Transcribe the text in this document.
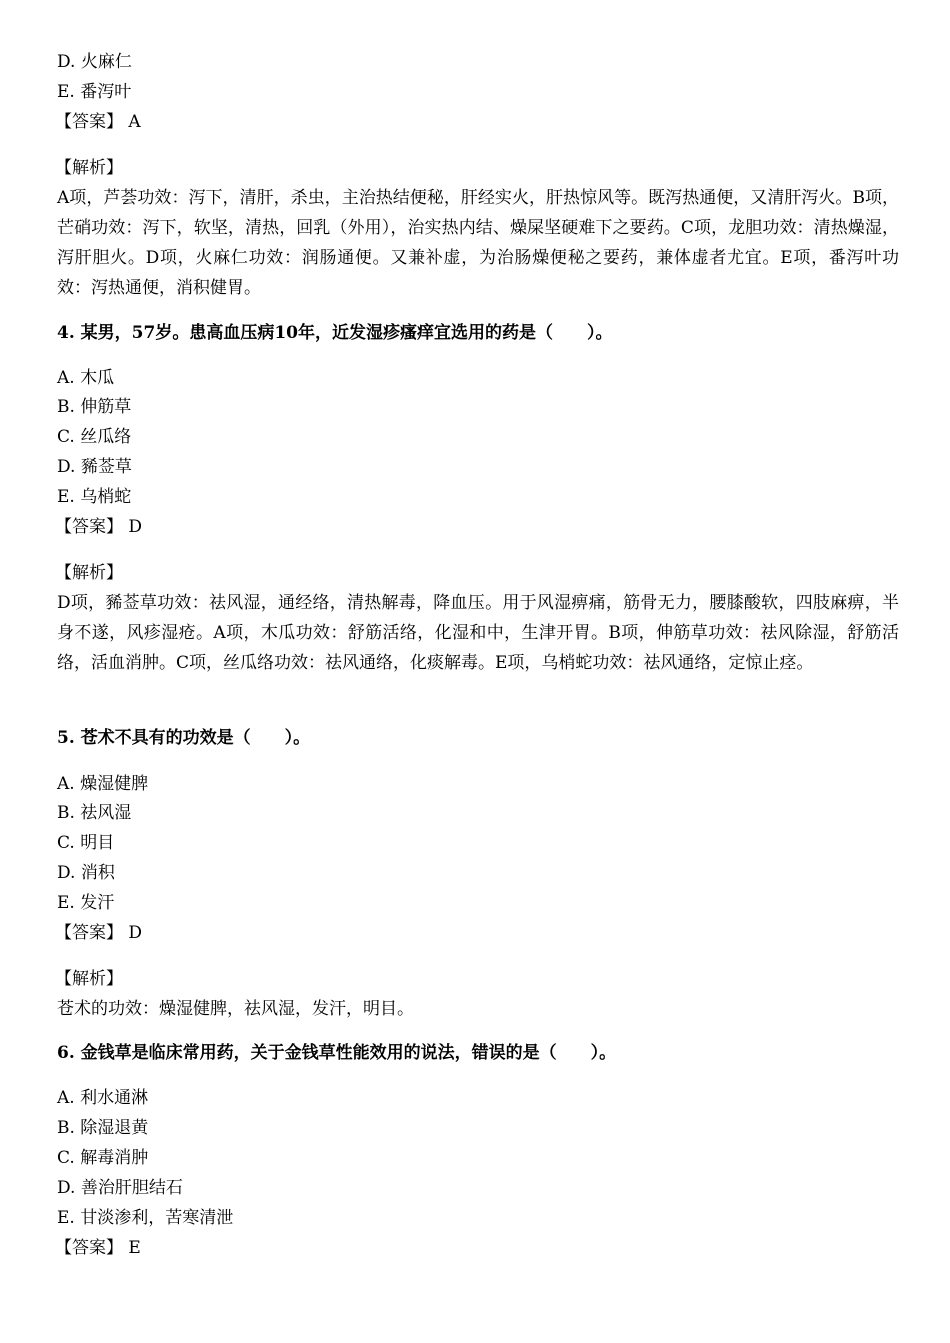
D. 火麻仁
E. 番泻叶
【答案】 A
【解析】
A项，芦荟功效：泻下，清肝，杀虫，主治热结便秘，肝经实火，肝热惊风等。既泻热通便，又清肝泻火。B项，芒硝功效：泻下，软坚，清热，回乳（外用），治实热内结、燥屎坚硬难下之要药。C项，龙胆功效：清热燥湿，泻肝胆火。D项，火麻仁功效：润肠通便。又兼补虚，为治肠燥便秘之要药，兼体虚者尤宜。E项，番泻叶功效：泻热通便，消积健胃。
4. 某男，57岁。患高血压病10年，近发湿疹瘙痒宜选用的药是（　　）。
A. 木瓜
B. 伸筋草
C. 丝瓜络
D. 豨莶草
E. 乌梢蛇
【答案】 D
【解析】
D项，豨莶草功效：祛风湿，通经络，清热解毒，降血压。用于风湿痹痛，筋骨无力，腰膝酸软，四肢麻痹，半身不遂，风疹湿疮。A项，木瓜功效：舒筋活络，化湿和中，生津开胃。B项，伸筋草功效：祛风除湿，舒筋活络，活血消肿。C项，丝瓜络功效：祛风通络，化痰解毒。E项，乌梢蛇功效：祛风通络，定惊止痉。
5. 苍术不具有的功效是（　　）。
A. 燥湿健脾
B. 祛风湿
C. 明目
D. 消积
E. 发汗
【答案】 D
【解析】
苍术的功效：燥湿健脾，祛风湿，发汗，明目。
6. 金钱草是临床常用药，关于金钱草性能效用的说法，错误的是（　　）。
A. 利水通淋
B. 除湿退黄
C. 解毒消肿
D. 善治肝胆结石
E. 甘淡渗利，苦寒清泄
【答案】 E
